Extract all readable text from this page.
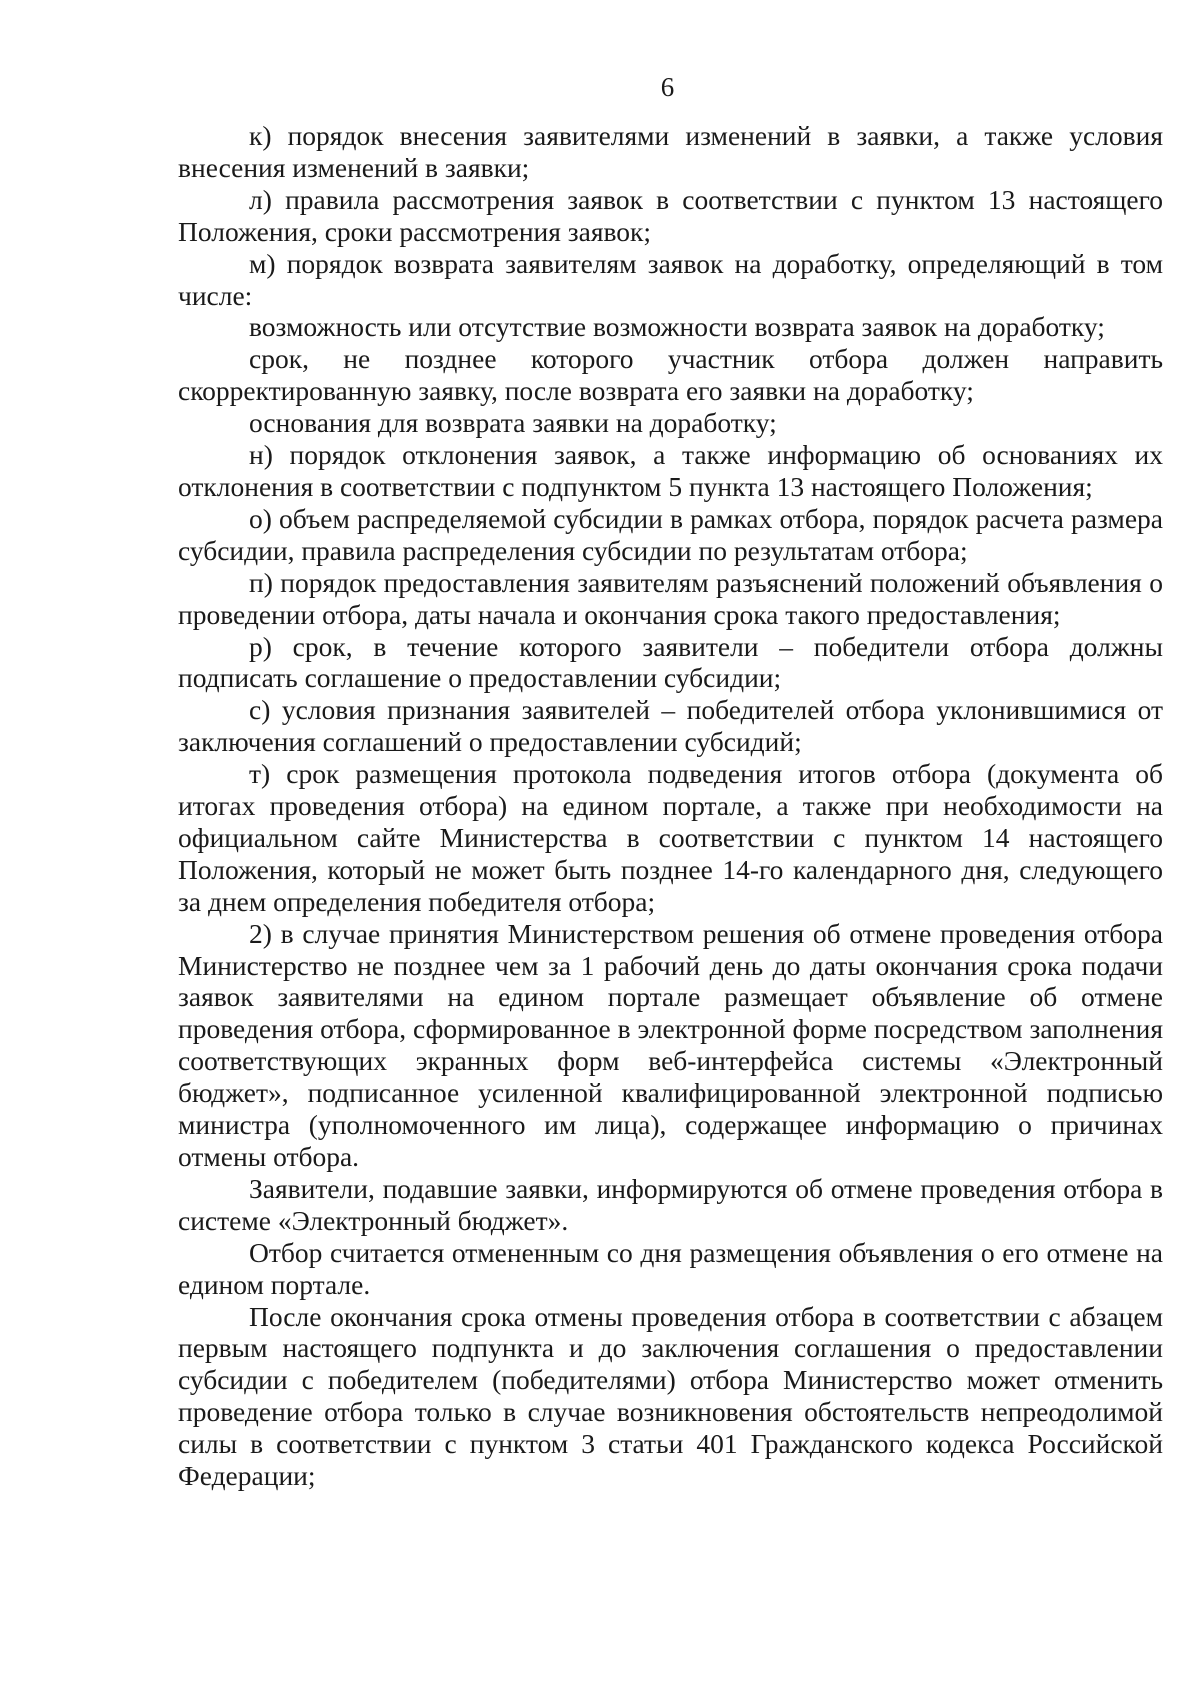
6

к) порядок внесения заявителями изменений в заявки, а также условия внесения изменений в заявки;

л) правила рассмотрения заявок в соответствии с пунктом 13 настоящего Положения, сроки рассмотрения заявок;

м) порядок возврата заявителям заявок на доработку, определяющий в том числе:

возможность или отсутствие возможности возврата заявок на доработку;

срок, не позднее которого участник отбора должен направить скорректированную заявку, после возврата его заявки на доработку;

основания для возврата заявки на доработку;

н) порядок отклонения заявок, а также информацию об основаниях их отклонения в соответствии с подпунктом 5 пункта 13 настоящего Положения;

о) объем распределяемой субсидии в рамках отбора, порядок расчета размера субсидии, правила распределения субсидии по результатам отбора;

п) порядок предоставления заявителям разъяснений положений объявления о проведении отбора, даты начала и окончания срока такого предоставления;

р) срок, в течение которого заявители – победители отбора должны подписать соглашение о предоставлении субсидии;

с) условия признания заявителей – победителей отбора уклонившимися от заключения соглашений о предоставлении субсидий;

т) срок размещения протокола подведения итогов отбора (документа об итогах проведения отбора) на едином портале, а также при необходимости на официальном сайте Министерства в соответствии с пунктом 14 настоящего Положения, который не может быть позднее 14-го календарного дня, следующего за днем определения победителя отбора;

2) в случае принятия Министерством решения об отмене проведения отбора Министерство не позднее чем за 1 рабочий день до даты окончания срока подачи заявок заявителями на едином портале размещает объявление об отмене проведения отбора, сформированное в электронной форме посредством заполнения соответствующих экранных форм веб-интерфейса системы «Электронный бюджет», подписанное усиленной квалифицированной электронной подписью министра (уполномоченного им лица), содержащее информацию о причинах отмены отбора.

Заявители, подавшие заявки, информируются об отмене проведения отбора в системе «Электронный бюджет».

Отбор считается отмененным со дня размещения объявления о его отмене на едином портале.

После окончания срока отмены проведения отбора в соответствии с абзацем первым настоящего подпункта и до заключения соглашения о предоставлении субсидии с победителем (победителями) отбора Министерство может отменить проведение отбора только в случае возникновения обстоятельств непреодолимой силы в соответствии с пунктом 3 статьи 401 Гражданского кодекса Российской Федерации;
